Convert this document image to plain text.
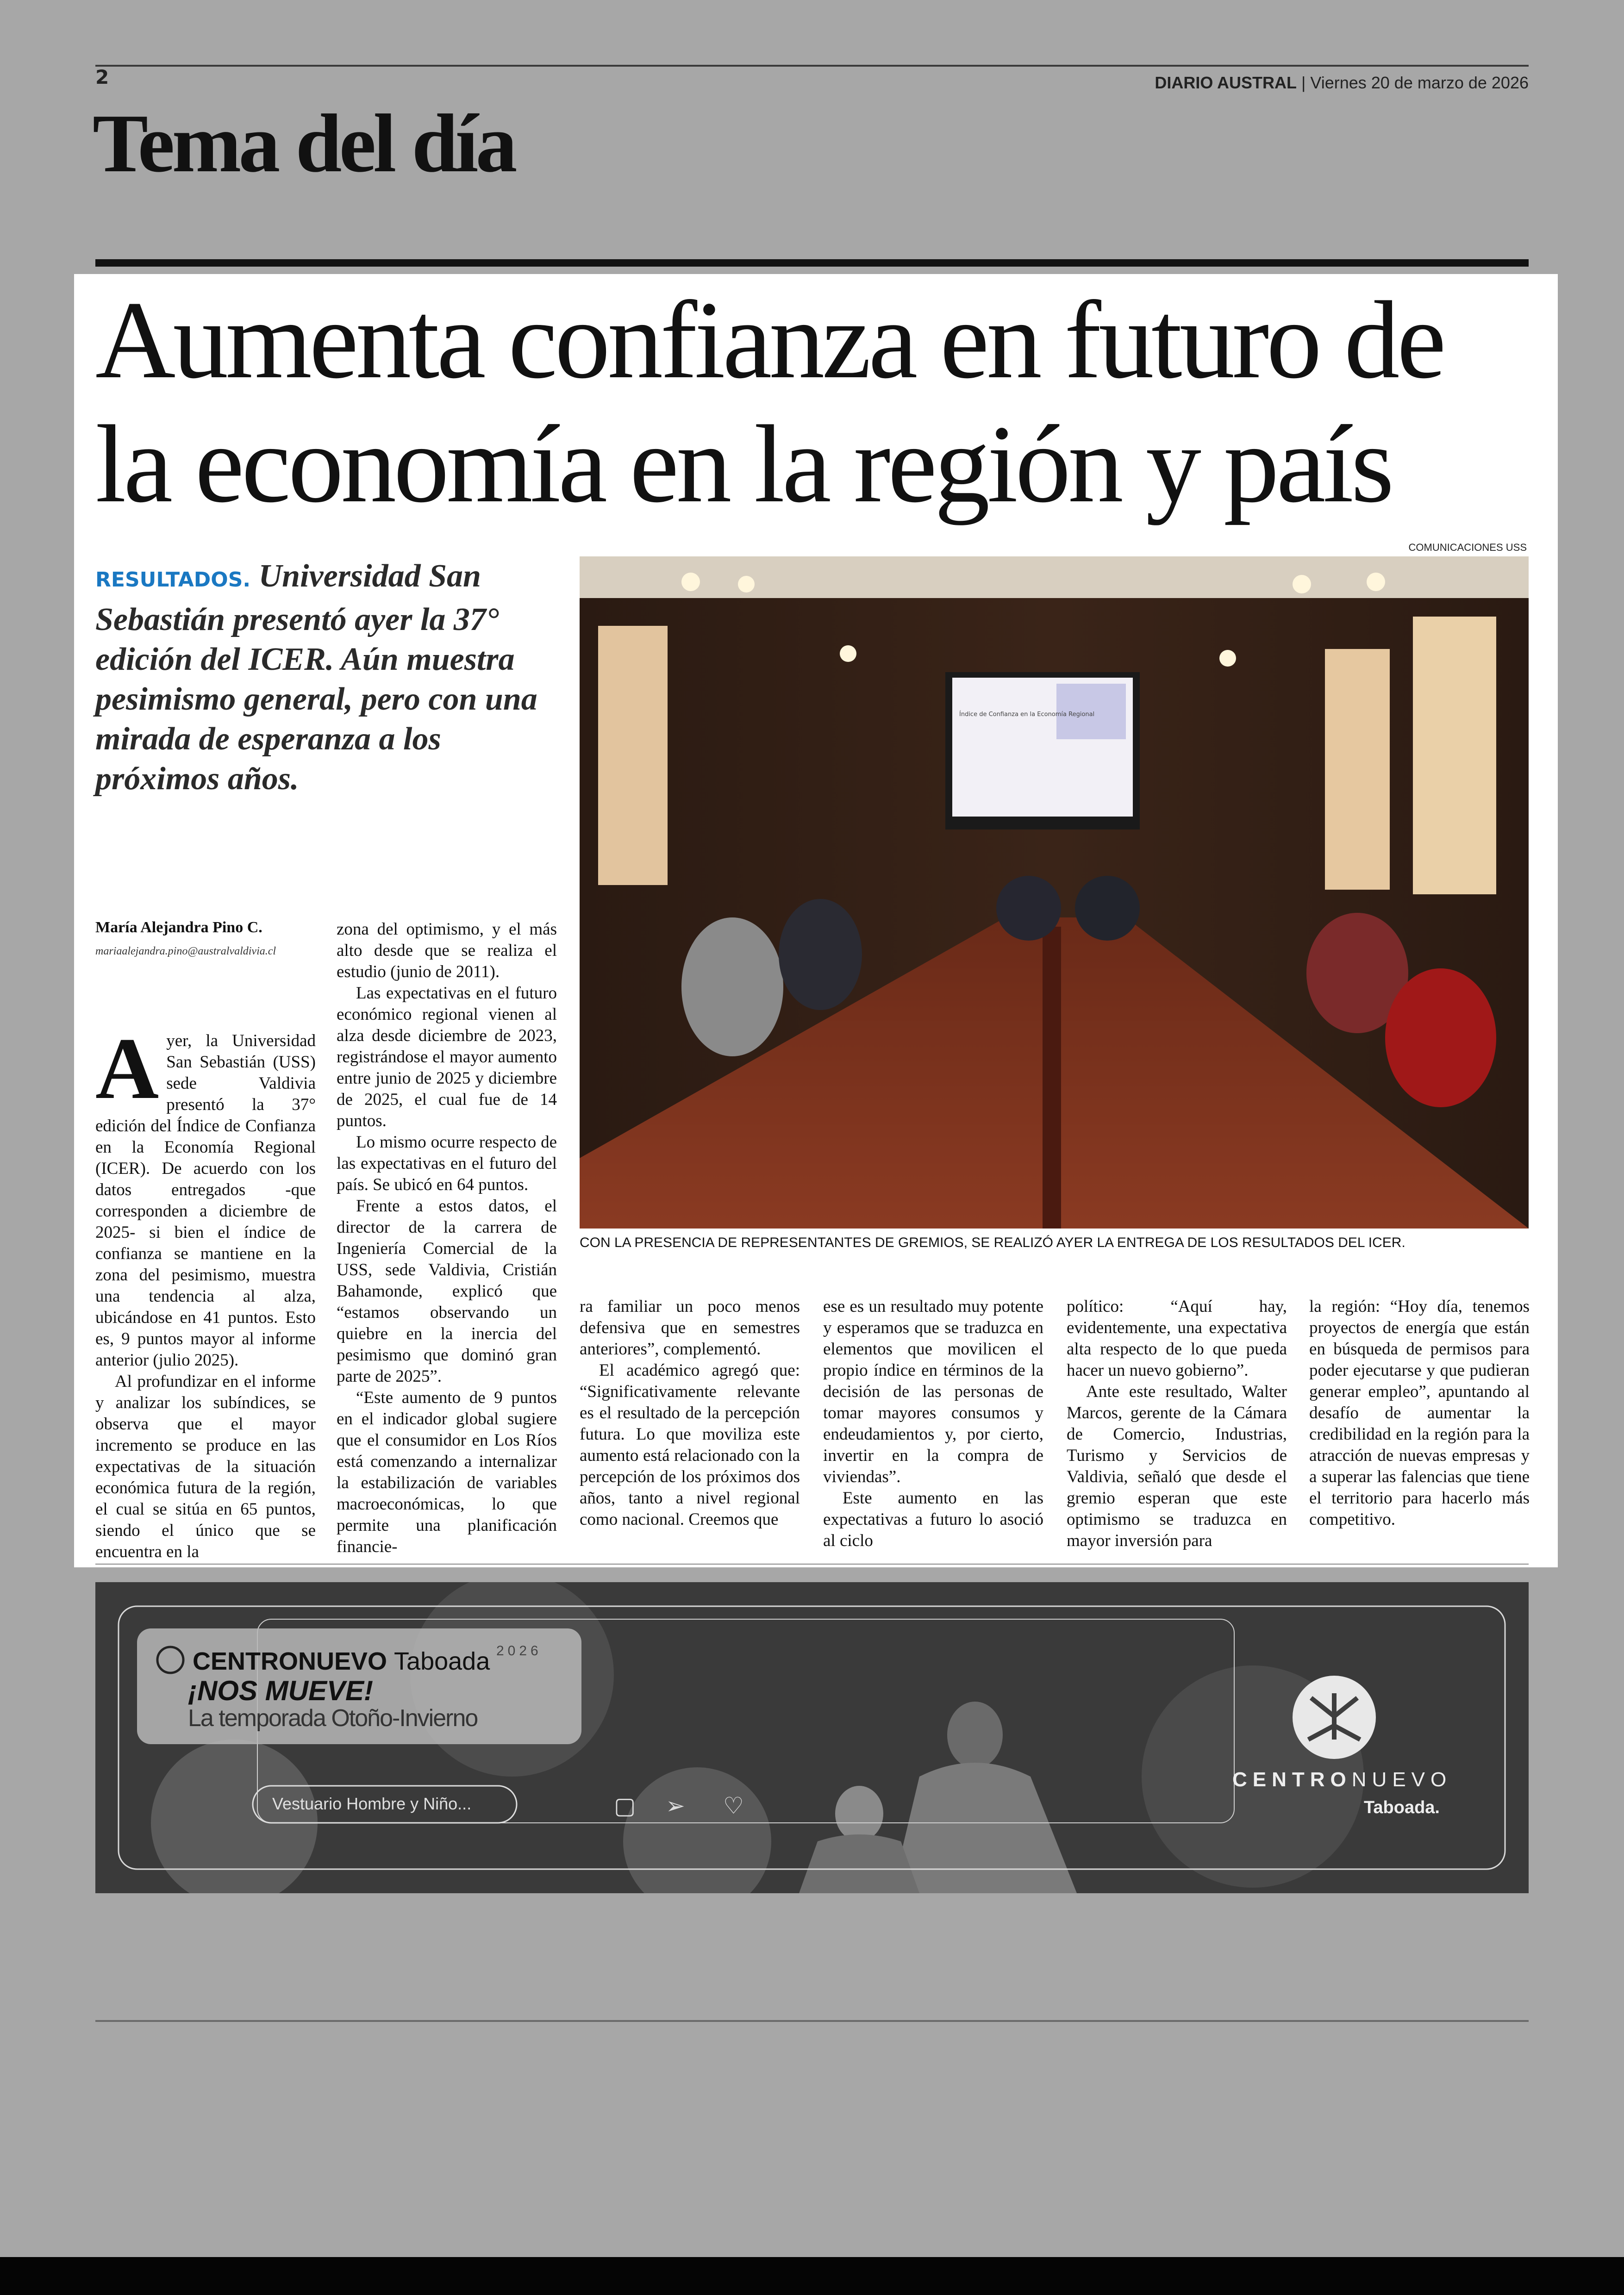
2	DIARIO AUSTRAL | Viernes 20 de marzo de 2026
Tema del día
Aumenta confianza en futuro de
la economía en la región y país
RESULTADOS. Universidad San Sebastián presentó ayer la 37° edición del ICER. Aún muestra pesimismo general, pero con una mirada de esperanza a los próximos años.
COMUNICACIONES USS
Índice de Confianza en la Economía Regional
CON LA PRESENCIA DE REPRESENTANTES DE GREMIOS, SE REALIZÓ AYER LA ENTREGA DE LOS RESULTADOS DEL ICER.
María Alejandra Pino C.
mariaalejandra.pino@australvaldivia.cl
A yer, la Universidad San Sebastián (USS) sede Valdivia presentó la 37° edición del Índice de Confianza en la Economía Regional (ICER). De acuerdo con los datos entregados -que corresponden a diciembre de 2025- si bien el índice de confianza se mantiene en la zona del pesimismo, muestra una tendencia al alza, ubicándose en 41 puntos. Esto es, 9 puntos mayor al informe anterior (julio 2025).

Al profundizar en el informe y analizar los subíndices, se observa que el mayor incremento se produce en las expectativas de la situación económica futura de la región, el cual se sitúa en 65 puntos, siendo el único que se encuentra en la

zona del optimismo, y el más alto desde que se realiza el estudio (junio de 2011).

Las expectativas en el futuro económico regional vienen al alza desde diciembre de 2023, registrándose el mayor aumento entre junio de 2025 y diciembre de 2025, el cual fue de 14 puntos.

Lo mismo ocurre respecto de las expectativas en el futuro del país. Se ubicó en 64 puntos.

Frente a estos datos, el director de la carrera de Ingeniería Comercial de la USS, sede Valdivia, Cristián Bahamonde, explicó que “estamos observando un quiebre en la inercia del pesimismo que dominó gran parte de 2025”.

“Este aumento de 9 puntos en el indicador global sugiere que el consumidor en Los Ríos está comenzando a internalizar la estabilización de variables macroeconómicas, lo que permite una planificación financie-

ra familiar un poco menos defensiva que en semestres anteriores”, complementó.

El académico agregó que: “Significativamente relevante es el resultado de la percepción futura. Lo que moviliza este aumento está relacionado con la percepción de los próximos dos años, tanto a nivel regional como nacional. Creemos que

ese es un resultado muy potente y esperamos que se traduzca en elementos que movilicen el propio índice en términos de la decisión de las personas de tomar mayores consumos y endeudamientos y, por cierto, invertir en la compra de viviendas”.

Este aumento en las expectativas a futuro lo asoció al ciclo

político: “Aquí hay, evidentemente, una expectativa alta respecto de lo que pueda hacer un nuevo gobierno”.

Ante este resultado, Walter Marcos, gerente de la Cámara de Comercio, Industrias, Turismo y Servicios de Valdivia, señaló que desde el gremio esperan que este optimismo se traduzca en mayor inversión para

la región: “Hoy día, tenemos proyectos de energía que están en búsqueda de permisos para poder ejecutarse y que pudieran generar empleo”, apuntando al desafío de aumentar la credibilidad en la región para la atracción de nuevas empresas y a superar las falencias que tiene el territorio para hacerlo más competitivo.

▢ ➢ ♡
CENTRONUEVO Taboada 2026
¡NOS MUEVE!
La temporada Otoño-Invierno
Vestuario Hombre y Niño...
CENTRONUEVO
Taboada.
